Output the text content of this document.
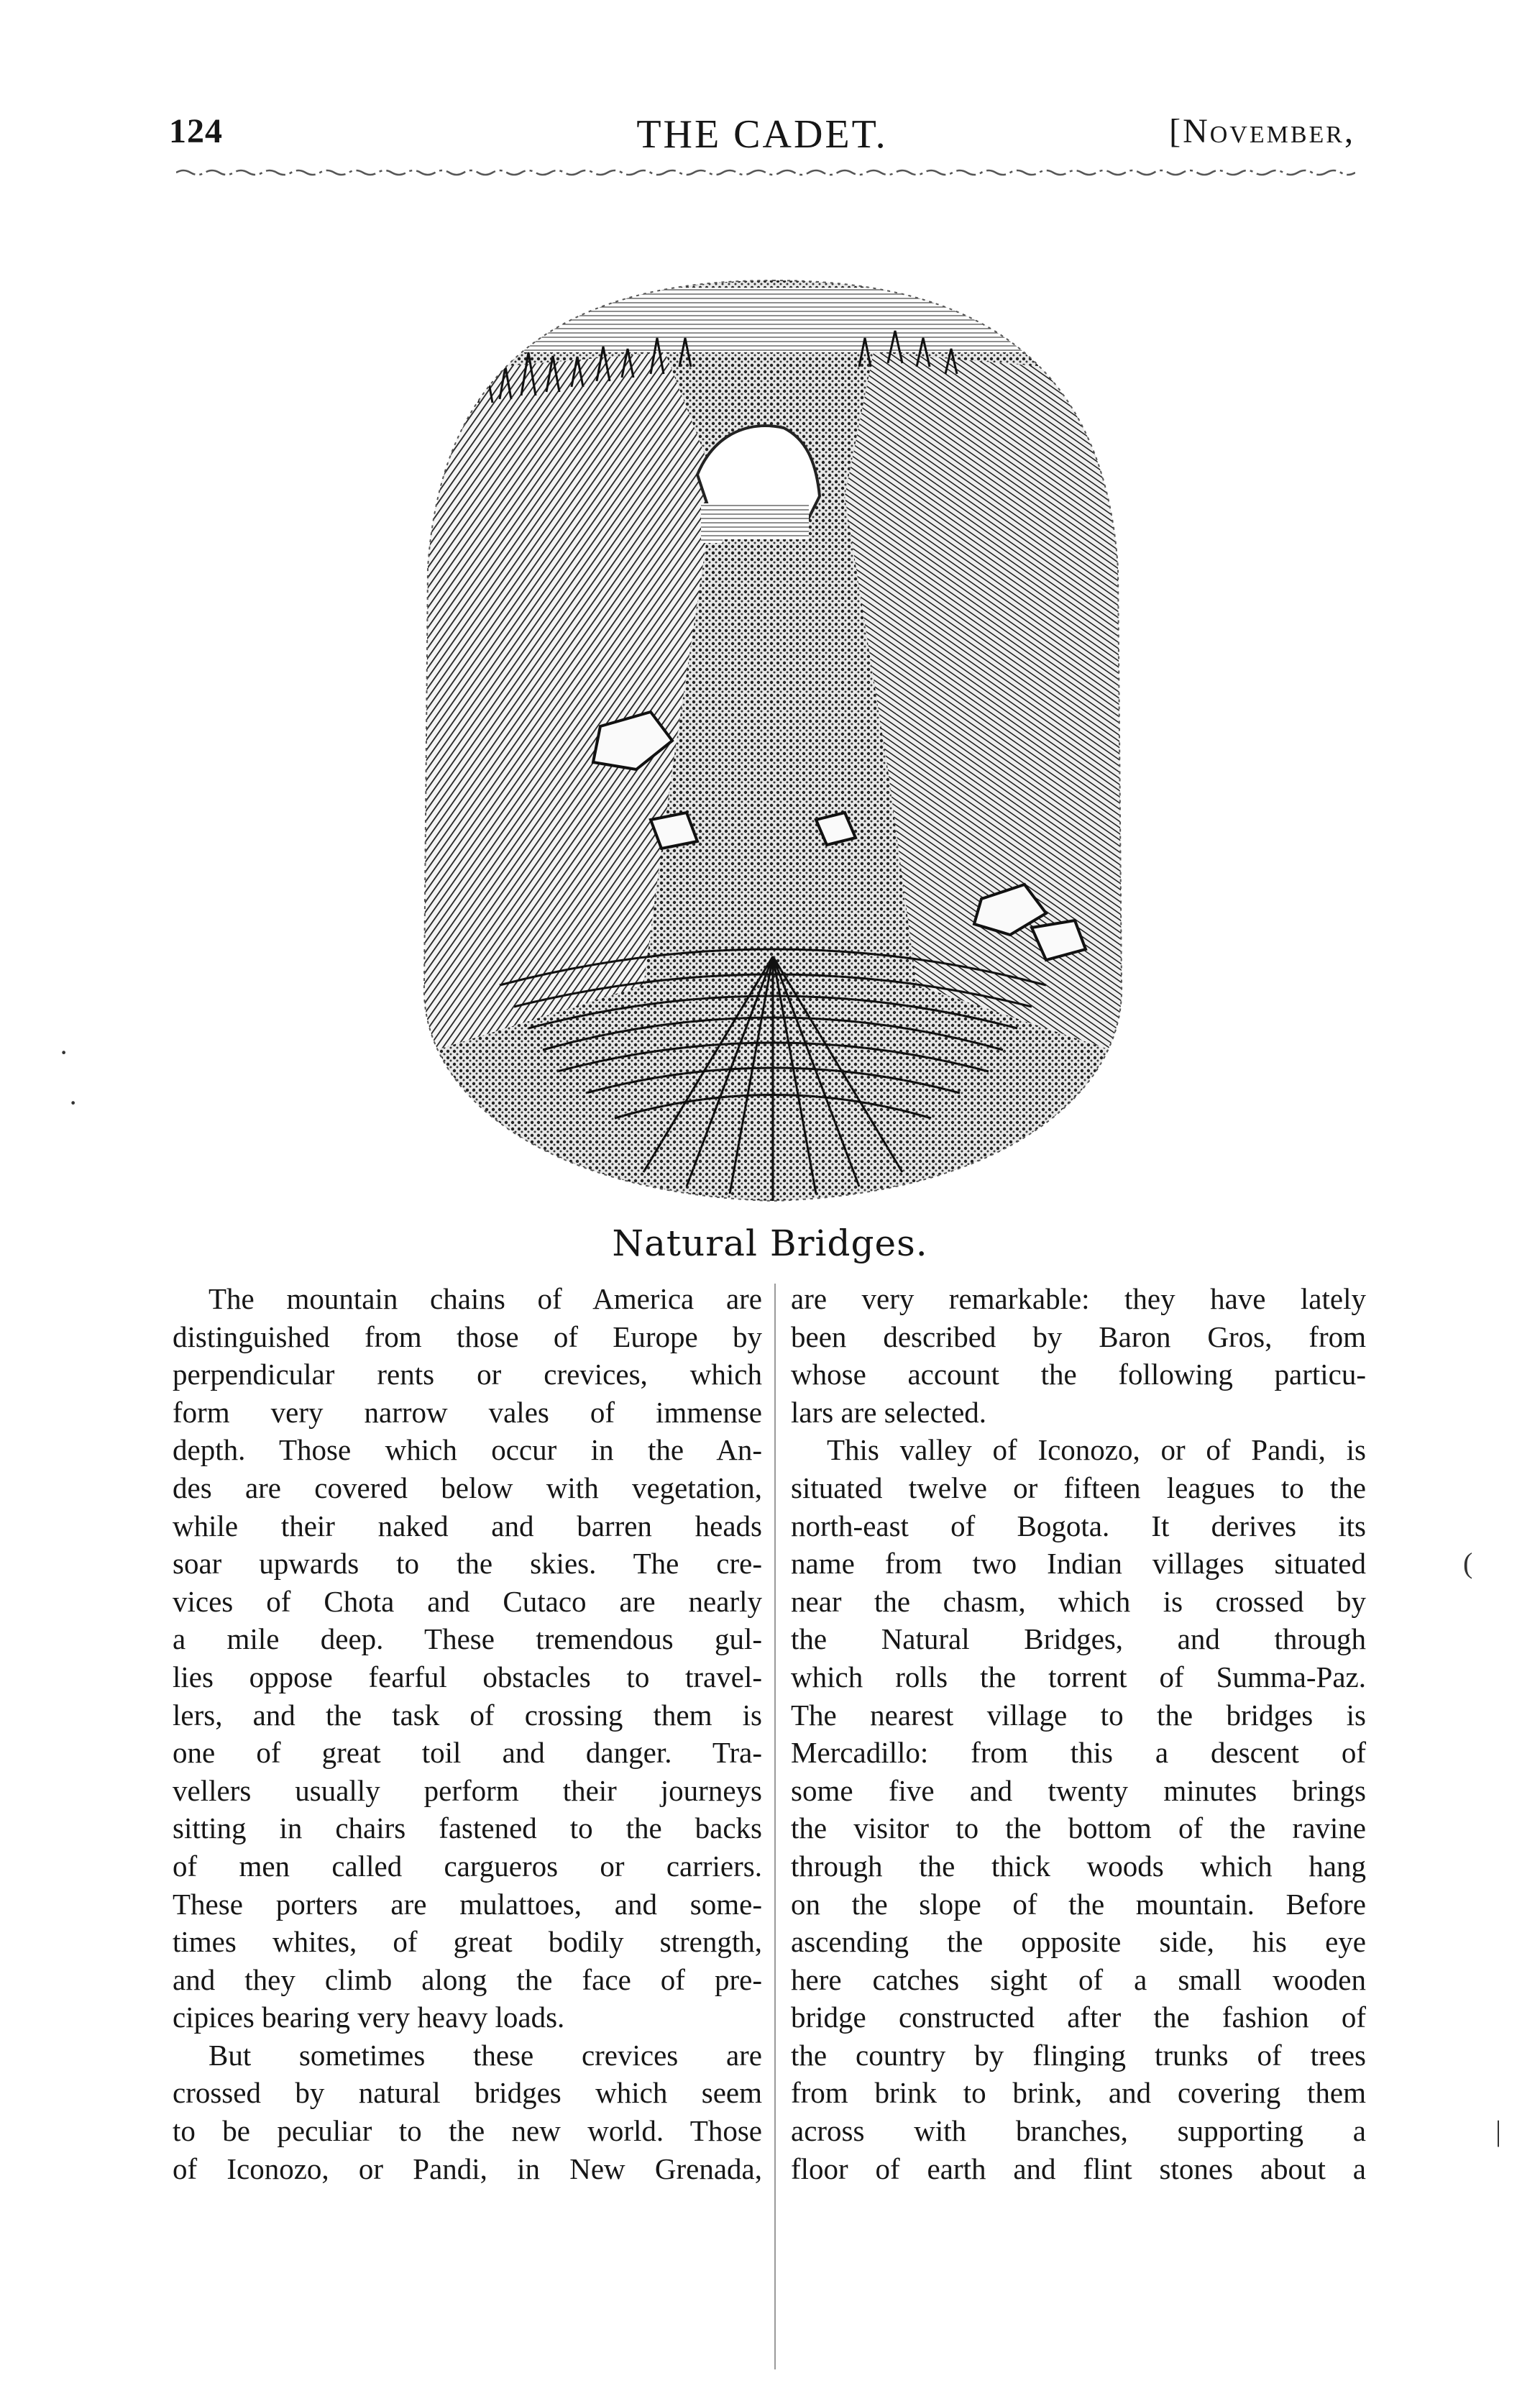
124	THE CADET.	[November,
Natural Bridges.

The mountain chains of America are
distinguished from those of Europe by
perpendicular rents or crevices, which
form very narrow vales of immense
depth. Those which occur in the An-
des are covered below with vegetation,
while their naked and barren heads
soar upwards to the skies. The cre-
vices of Chota and Cutaco are nearly
a mile deep. These tremendous gul-
lies oppose fearful obstacles to travel-
lers, and the task of crossing them is
one of great toil and danger. Tra-
vellers usually perform their journeys
sitting in chairs fastened to the backs
of men called cargueros or carriers.
These porters are mulattoes, and some-
times whites, of great bodily strength,
and they climb along the face of pre-
cipices bearing very heavy loads.

But sometimes these crevices are
crossed by natural bridges which seem
to be peculiar to the new world. Those
of Iconozo, or Pandi, in New Grenada,

are very remarkable: they have lately
been described by Baron Gros, from
whose account the following particu-
lars are selected.

This valley of Iconozo, or of Pandi, is
situated twelve or fifteen leagues to the
north-east of Bogota. It derives its
name from two Indian villages situated
near the chasm, which is crossed by
the Natural Bridges, and through
which rolls the torrent of Summa-Paz.
The nearest village to the bridges is
Mercadillo: from this a descent of
some five and twenty minutes brings
the visitor to the bottom of the ravine
through the thick woods which hang
on the slope of the mountain. Before
ascending the opposite side, his eye
here catches sight of a small wooden
bridge constructed after the fashion of
the country by flinging trunks of trees
from brink to brink, and covering them
across with branches, supporting a
floor of earth and flint stones about a

·
·
(
|
